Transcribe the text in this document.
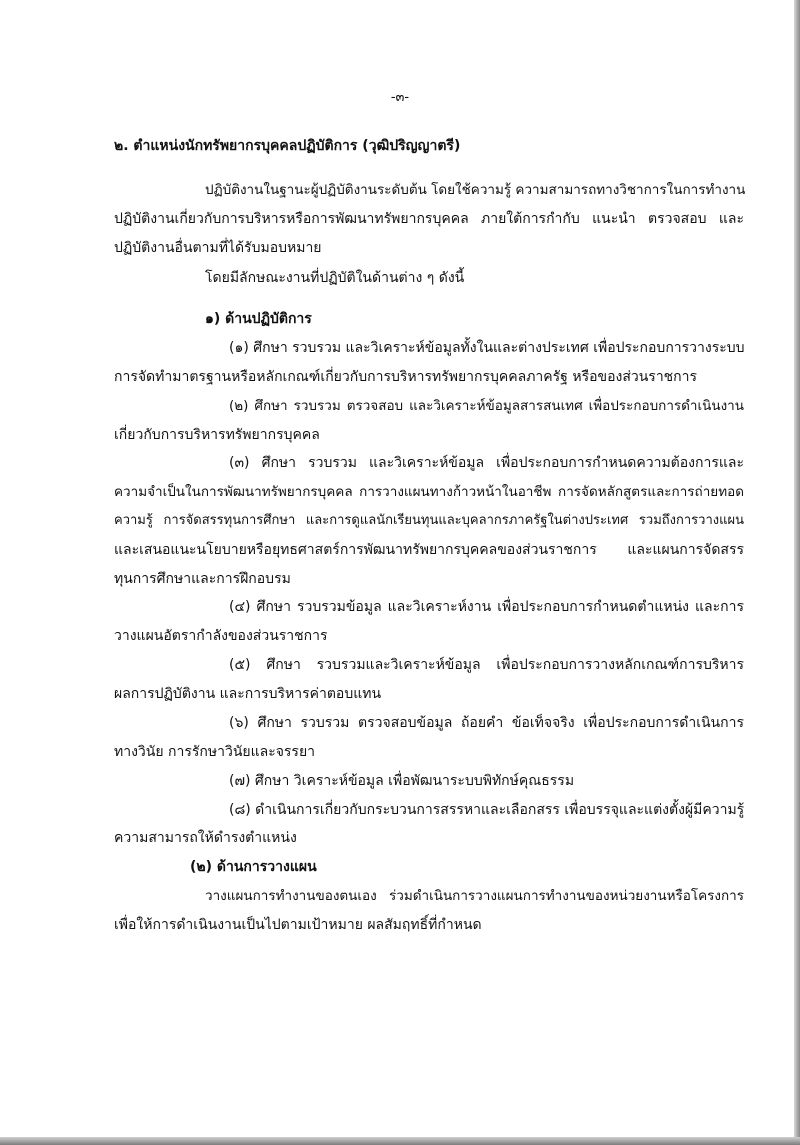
-๓-
๒. ตำแหน่งนักทรัพยากรบุคคลปฏิบัติการ (วุฒิปริญญาตรี)
ปฏิบัติงานในฐานะผู้ปฏิบัติงานระดับต้น โดยใช้ความรู้ ความสามารถทางวิชาการในการทำงาน
ปฏิบัติงานเกี่ยวกับการบริหารหรือการพัฒนาทรัพยากรบุคคล ภายใต้การกำกับ แนะนำ ตรวจสอบ และ
ปฏิบัติงานอื่นตามที่ได้รับมอบหมาย
โดยมีลักษณะงานที่ปฏิบัติในด้านต่าง ๆ ดังนี้
๑) ด้านปฏิบัติการ
(๑) ศึกษา รวบรวม และวิเคราะห์ข้อมูลทั้งในและต่างประเทศ เพื่อประกอบการวางระบบ
การจัดทำมาตรฐานหรือหลักเกณฑ์เกี่ยวกับการบริหารทรัพยากรบุคคลภาครัฐ หรือของส่วนราชการ
(๒) ศึกษา รวบรวม ตรวจสอบ และวิเคราะห์ข้อมูลสารสนเทศ เพื่อประกอบการดำเนินงาน
เกี่ยวกับการบริหารทรัพยากรบุคคล
(๓) ศึกษา รวบรวม และวิเคราะห์ข้อมูล เพื่อประกอบการกำหนดความต้องการและ
ความจำเป็นในการพัฒนาทรัพยากรบุคคล การวางแผนทางก้าวหน้าในอาชีพ การจัดหลักสูตรและการถ่ายทอด
ความรู้ การจัดสรรทุนการศึกษา และการดูแลนักเรียนทุนและบุคลากรภาครัฐในต่างประเทศ รวมถึงการวางแผน
และเสนอแนะนโยบายหรือยุทธศาสตร์การพัฒนาทรัพยากรบุคคลของส่วนราชการ และแผนการจัดสรร
ทุนการศึกษาและการฝึกอบรม
(๔) ศึกษา รวบรวมข้อมูล และวิเคราะห์งาน เพื่อประกอบการกำหนดตำแหน่ง และการ
วางแผนอัตรากำลังของส่วนราชการ
(๕) ศึกษา รวบรวมและวิเคราะห์ข้อมูล เพื่อประกอบการวางหลักเกณฑ์การบริหาร
ผลการปฏิบัติงาน และการบริหารค่าตอบแทน
(๖) ศึกษา รวบรวม ตรวจสอบข้อมูล ถ้อยคำ ข้อเท็จจริง เพื่อประกอบการดำเนินการ
ทางวินัย การรักษาวินัยและจรรยา
(๗) ศึกษา วิเคราะห์ข้อมูล เพื่อพัฒนาระบบพิทักษ์คุณธรรม
(๘) ดำเนินการเกี่ยวกับกระบวนการสรรหาและเลือกสรร เพื่อบรรจุและแต่งตั้งผู้มีความรู้
ความสามารถให้ดำรงตำแหน่ง
(๒) ด้านการวางแผน
วางแผนการทำงานของตนเอง ร่วมดำเนินการวางแผนการทำงานของหน่วยงานหรือโครงการ
เพื่อให้การดำเนินงานเป็นไปตามเป้าหมาย ผลสัมฤทธิ์ที่กำหนด
